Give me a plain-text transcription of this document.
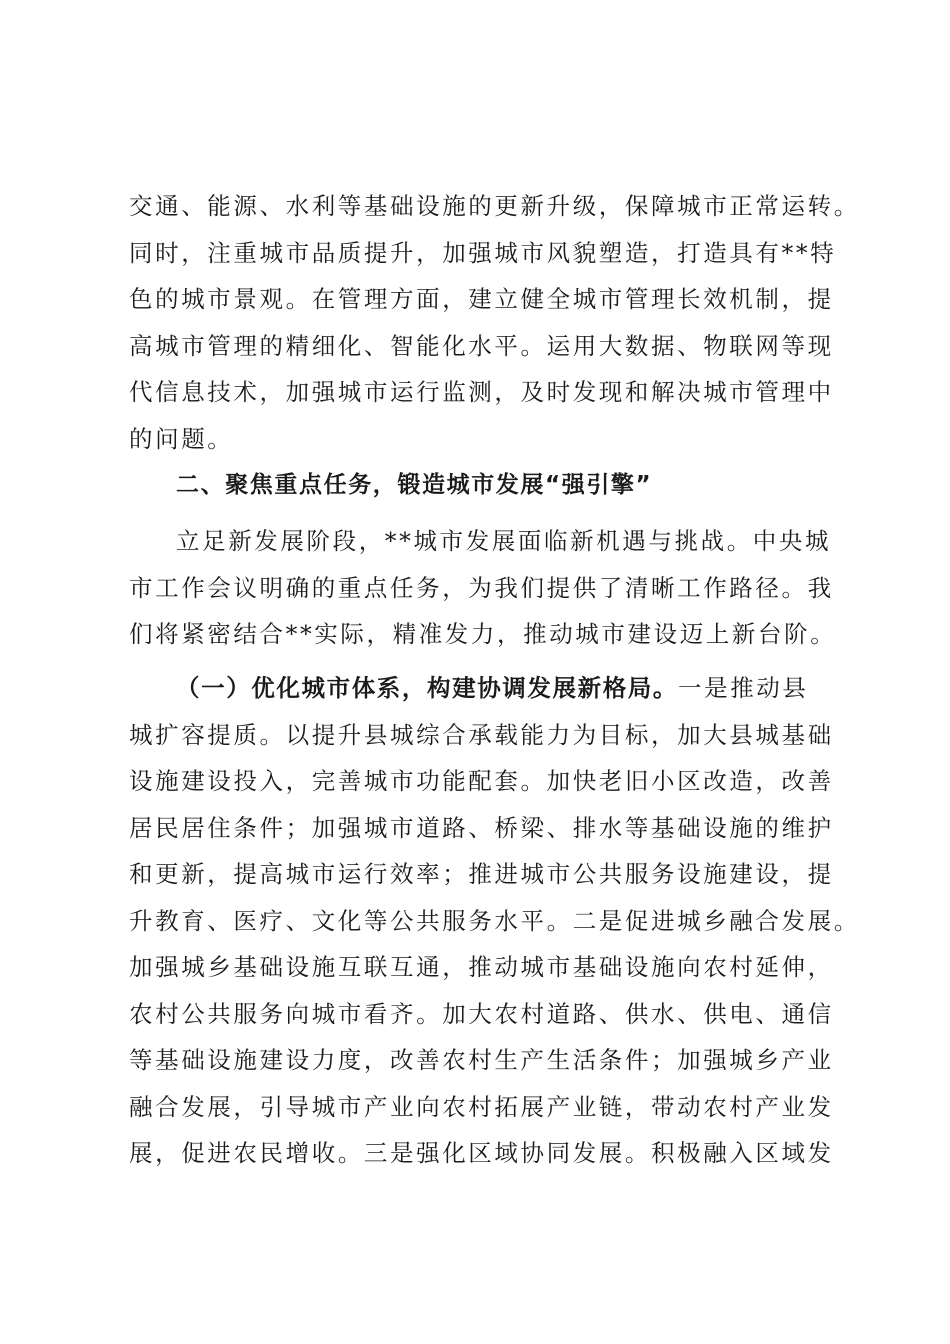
交通、能源、水利等基础设施的更新升级，保障城市正常运转。
同时，注重城市品质提升，加强城市风貌塑造，打造具有**特
色的城市景观。在管理方面，建立健全城市管理长效机制，提
高城市管理的精细化、智能化水平。运用大数据、物联网等现
代信息技术，加强城市运行监测，及时发现和解决城市管理中
的问题。
二、聚焦重点任务，锻造城市发展“强引擎”
立足新发展阶段，**城市发展面临新机遇与挑战。中央城
市工作会议明确的重点任务，为我们提供了清晰工作路径。我
们将紧密结合**实际，精准发力，推动城市建设迈上新台阶。
（一）优化城市体系，构建协调发展新格局。一是推动县
城扩容提质。以提升县城综合承载能力为目标，加大县城基础
设施建设投入，完善城市功能配套。加快老旧小区改造，改善
居民居住条件；加强城市道路、桥梁、排水等基础设施的维护
和更新，提高城市运行效率；推进城市公共服务设施建设，提
升教育、医疗、文化等公共服务水平。二是促进城乡融合发展。
加强城乡基础设施互联互通，推动城市基础设施向农村延伸，
农村公共服务向城市看齐。加大农村道路、供水、供电、通信
等基础设施建设力度，改善农村生产生活条件；加强城乡产业
融合发展，引导城市产业向农村拓展产业链，带动农村产业发
展，促进农民增收。三是强化区域协同发展。积极融入区域发
